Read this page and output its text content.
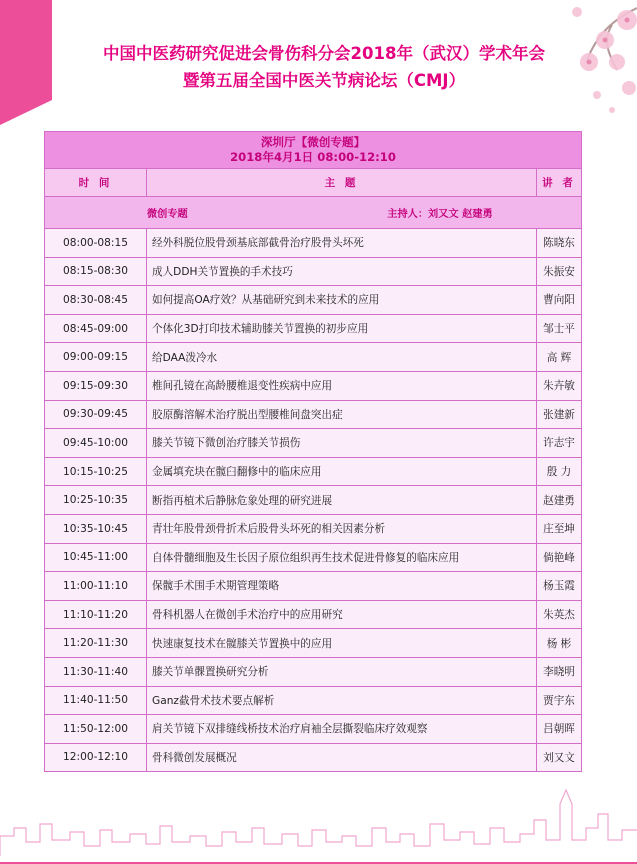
中国中医药研究促进会骨伤科分会2018年（武汉）学术年会
暨第五届全国中医关节病论坛（CMJ）
深圳厅【微创专题】
2018年4月1日 08:00-12:10		

时 间	主 题	讲 者
微创专题 主持人：刘又文 赵建勇		
08:00-08:15	经外科脱位股骨颈基底部截骨治疗股骨头坏死	陈晓东
08:15-08:30	成人DDH关节置换的手术技巧	朱振安
08:30-08:45	如何提高OA疗效？从基础研究到未来技术的应用	曹向阳
08:45-09:00	个体化3D打印技术辅助膝关节置换的初步应用	邹士平
09:00-09:15	给DAA泼冷水	高 辉
09:15-09:30	椎间孔镜在高龄腰椎退变性疾病中应用	朱卉敏
09:30-09:45	胶原酶溶解术治疗脱出型腰椎间盘突出症	张建新
09:45-10:00	膝关节镜下微创治疗膝关节损伤	许志宇
10:15-10:25	金属填充块在髋臼翻修中的临床应用	殷 力
10:25-10:35	断指再植术后静脉危象处理的研究进展	赵建勇
10:35-10:45	青壮年股骨颈骨折术后股骨头坏死的相关因素分析	庄至坤
10:45-11:00	自体骨髓细胞及生长因子原位组织再生技术促进骨修复的临床应用	倘艳峰
11:00-11:10	保髋手术围手术期管理策略	杨玉霞
11:10-11:20	骨科机器人在微创手术治疗中的应用研究	朱英杰
11:20-11:30	快速康复技术在髋膝关节置换中的应用	杨 彬
11:30-11:40	膝关节单髁置换研究分析	李晓明
11:40-11:50	Ganz截骨术技术要点解析	贾宇东
11:50-12:00	肩关节镜下双排缝线桥技术治疗肩袖全层撕裂临床疗效观察	吕朝晖
12:00-12:10	骨科微创发展概况	刘又文
